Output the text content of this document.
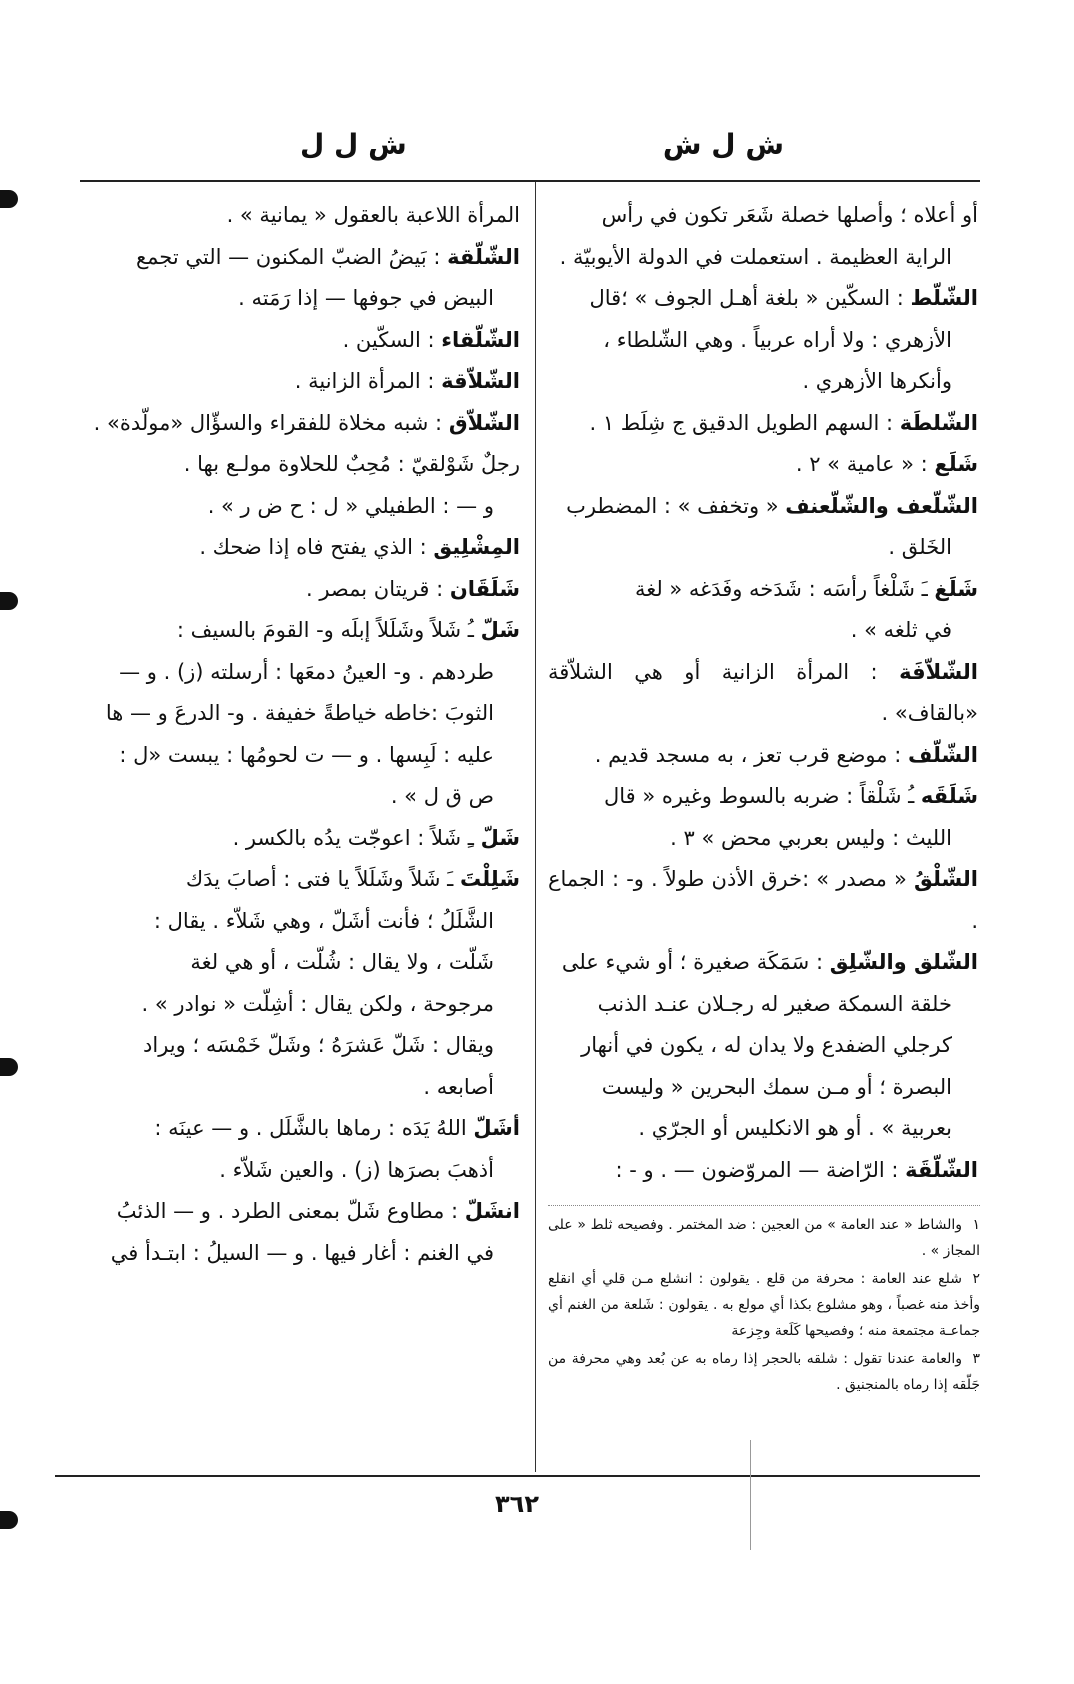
ش ل ش
ش ل ل

أو أعلاه ؛ وأصلها خصلة شَعَر تكون في رأس

الراية العظيمة . استعملت في الدولة الأيوبيّة .

الشّلّط : السكّين « بلغة أهـل الجوف » ؛قال

الأزهري : ولا أراه عربياً . وهي الشّلطاء ،

وأنكرها الأزهري .

الشّلطَة : السهم الطويل الدقيق ج شِلَط ١ .

شَلَع : « عامية » ٢ .

الشّلّعف والشّلّعنف « وتخفف » : المضطرب

الخَلق .

شَلَغ ـَ شَلْغاً رأسَه : شَدَخه وفَدَغه « لغة

في ثلغه » .

الشّلاّفَة : المرأة الزانية أو هي الشلاّقة «بالقاف» .

الشّلّف : موضع قرب تعز ، به مسجد قديم .

شَلَقَه ـُ شَلْقاً : ضربه بالسوط وغيره « قال

الليث : وليس بعربي محض » ٣ .

الشّلْقُ « مصدر » :خرق الأذن طولاً . و- : الجماع .

الشّلق والشّلِق : سَمَكَة صغيرة ؛ أو شيء على

خلقة السمكة صغير له رجـلان عنـد الذنب

كرجلي الضفدع ولا يدان له ، يكون في أنهار

البصرة ؛ أو مـن سمك البحرين « وليست

بعربية » . أو هو الانكليس أو الجرّي .

الشّلّقَة : الرّاضة — المروّضون — . و - :

المرأة اللاعبة بالعقول « يمانية » .

الشّلّقة : بَيضُ الضبّ المكنون — التي تجمع

البيض في جوفها — إذا رَمَته .

الشّلّقاء : السكّين .

الشّلاّقة : المرأة الزانية .

الشّلاّق : شبه مخلاة للفقراء والسؤّال «مولّدة» .

رجلٌ شَوْلقيّ : مُحِبٌ للحلاوة مولـع بها .

و — : الطفيلي « ل : ح ض ر » .

المِشْلِيق : الذي يفتح فاه إذا ضحك .

شَلَقَان : قريتان بمصر .

شَلّ ـُ شَلاً وشَلَلاً إبلَه و- القومَ بالسيف :

طردهم . و- العينُ دمعَها : أرسلته (ز) . و —

الثوبَ :خاطه خياطةً خفيفة . و- الدرعَ و — ها

عليه : لَبِسها . و — ت لحومُها : يبست «ل :

ص ق ل » .

شَلّ ـِ شَلاً : اعوجّت يدُه بالكسر .

شَلِلْتَ ـَ شَلاً وشَلَلاً يا فتى : أصابَ يدَك

الشَّلَلُ ؛ فأنت أشَلّ ، وهي شَلاّء . يقال :

شَلّت ، ولا يقال : شُلّت ، أو هي لغة

مرجوحة ، ولكن يقال : أشِلّت « نوادر » .

ويقال : شَلّ عَشرَهُ ؛ وشَلّ خَمْسَه ؛ ويراد

أصابعه .

أشَلّ اللهُ يَدَه : رماها بالشَّلَل . و — عينَه :

أذهبَ بصرَها (ز) . والعين شَلاّء .

انشَلّ : مطاوع شَلّ بمعنى الطرد . و — الذئبُ

في الغنم : أغار فيها . و — السيلُ : ابتـدأ في

١والشاط « عند العامة » من العجين : ضد المختمر . وفصيحه ثلط « على المجاز » .

٢شلع عند العامة : محرفة من قلع . يقولون : انشلع مـن قلي أي انقلع وأخذ منه غصباً ، وهو مشلوع بكذا أي مولع به . يقولون : شَلعة من الغنم أي جماعـة مجتمعة منه ؛ وفصيحها كَلَعة وجِزعة

٣والعامة عندنا تقول : شلقه بالحجر إذا رماه به عن بُعد وهي محرفة من جَلّقه إذا رماه بالمنجنيق .

٣٦٢
